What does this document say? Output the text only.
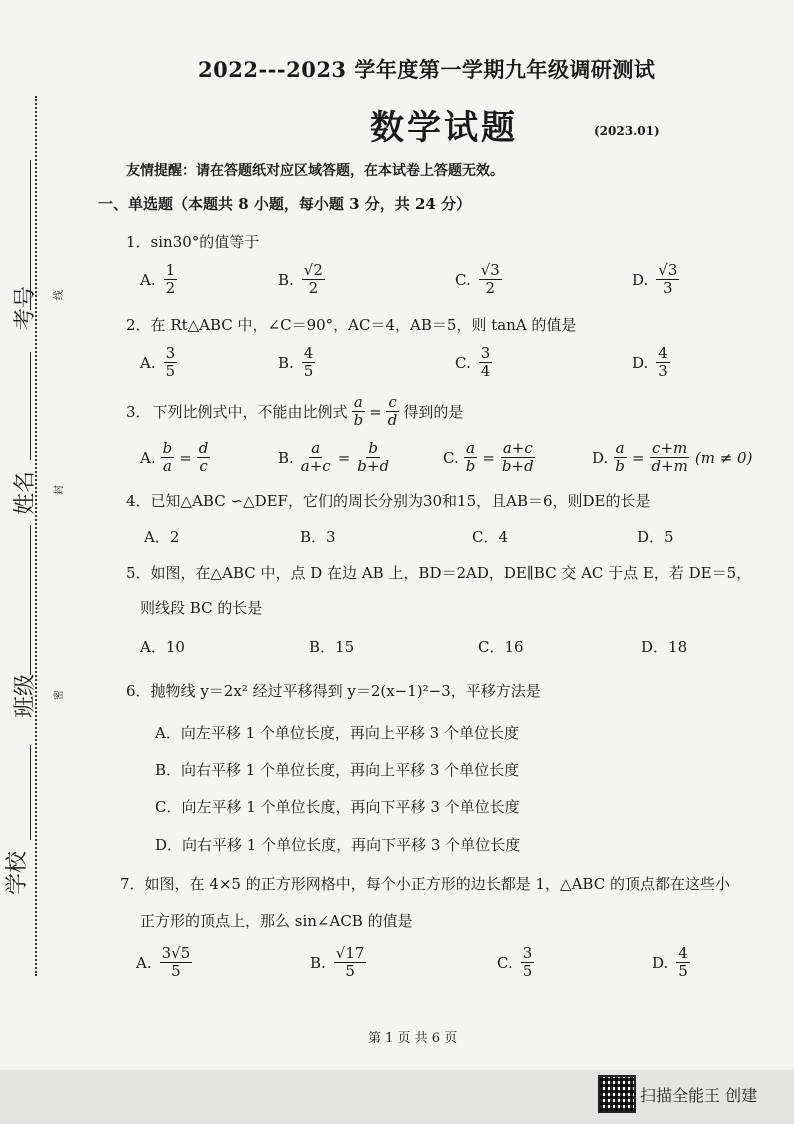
考号
姓名
班级
学校
线
封
密
2022---2023 学年度第一学期九年级调研测试
数学试题	(2023.01)
友情提醒：请在答题纸对应区域答题，在本试卷上答题无效。
一、单选题（本题共 8 小题，每小题 3 分，共 24 分）
1．sin30°的值等于
A. $\frac{1}{2}$	B. $\frac{√2}{2}$	C. $\frac{√3}{2}$	D. $\frac{√3}{3}$
2．在 Rt△ABC 中，∠C＝90°，AC＝4，AB＝5，则 tanA 的值是
A. $\frac{3}{5}$	B. $\frac{4}{5}$	C. $\frac{3}{4}$	D. $\frac{4}{3}$
3． 下列比例式中，不能由比例式 $\frac{a}{b} = \frac{c}{d}$ 得到的是
A. $\frac{b}{a} = \frac{d}{c}$	B. $\frac{a}{a+c} = \frac{b}{b+d}$	C. $\frac{a}{b} = \frac{a+c}{b+d}$	D. $\frac{a}{b} = \frac{c+m}{d+m} (m \ne 0)$
4．已知△ABC ∽△DEF，它们的周长分别为30和15，且AB＝6，则DE的长是
A．2	B．3	C．4	D．5
5．如图，在△ABC 中，点 D 在边 AB 上，BD＝2AD，DE∥BC 交 AC 于点 E，若 DE＝5，
则线段 BC 的长是
A．10	B．15	C．16	D．18
6．抛物线 y＝2x² 经过平移得到 y＝2(x−1)²−3，平移方法是
A．向左平移 1 个单位长度，再向上平移 3 个单位长度
B．向右平移 1 个单位长度，再向上平移 3 个单位长度
C．向左平移 1 个单位长度，再向下平移 3 个单位长度
D．向右平移 1 个单位长度，再向下平移 3 个单位长度
7．如图，在 4×5 的正方形网格中，每个小正方形的边长都是 1，△ABC 的顶点都在这些小
正方形的顶点上，那么 sin∠ACB 的值是
A. $\frac{3√5}{5}$	B. $\frac{√17}{5}$	C. $\frac{3}{5}$	D. $\frac{4}{5}$
第 1 页 共 6 页
扫描全能王 创建
